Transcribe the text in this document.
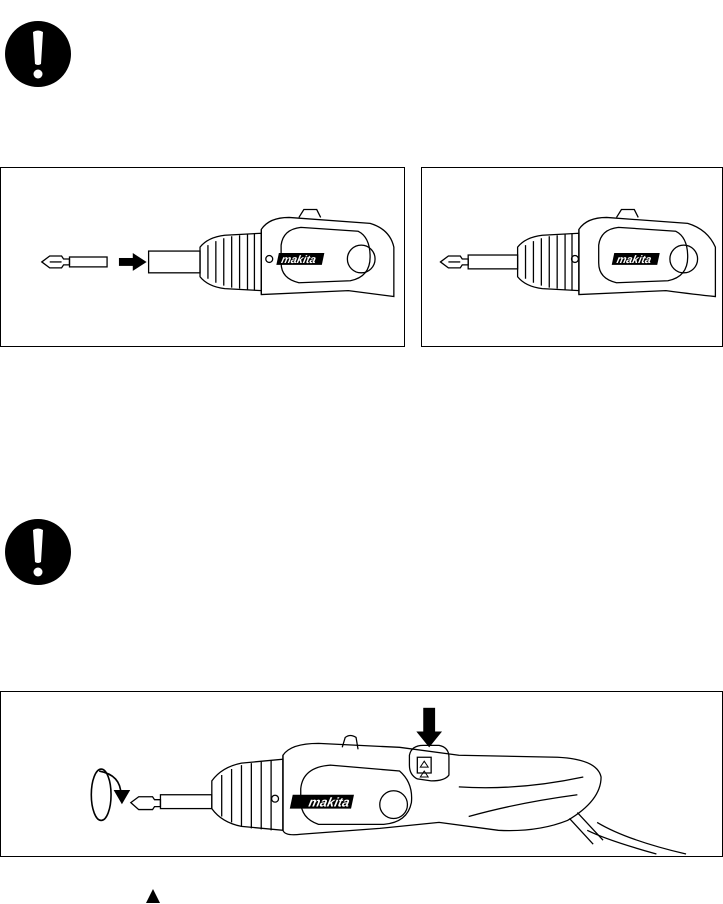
makita	makita
makita
